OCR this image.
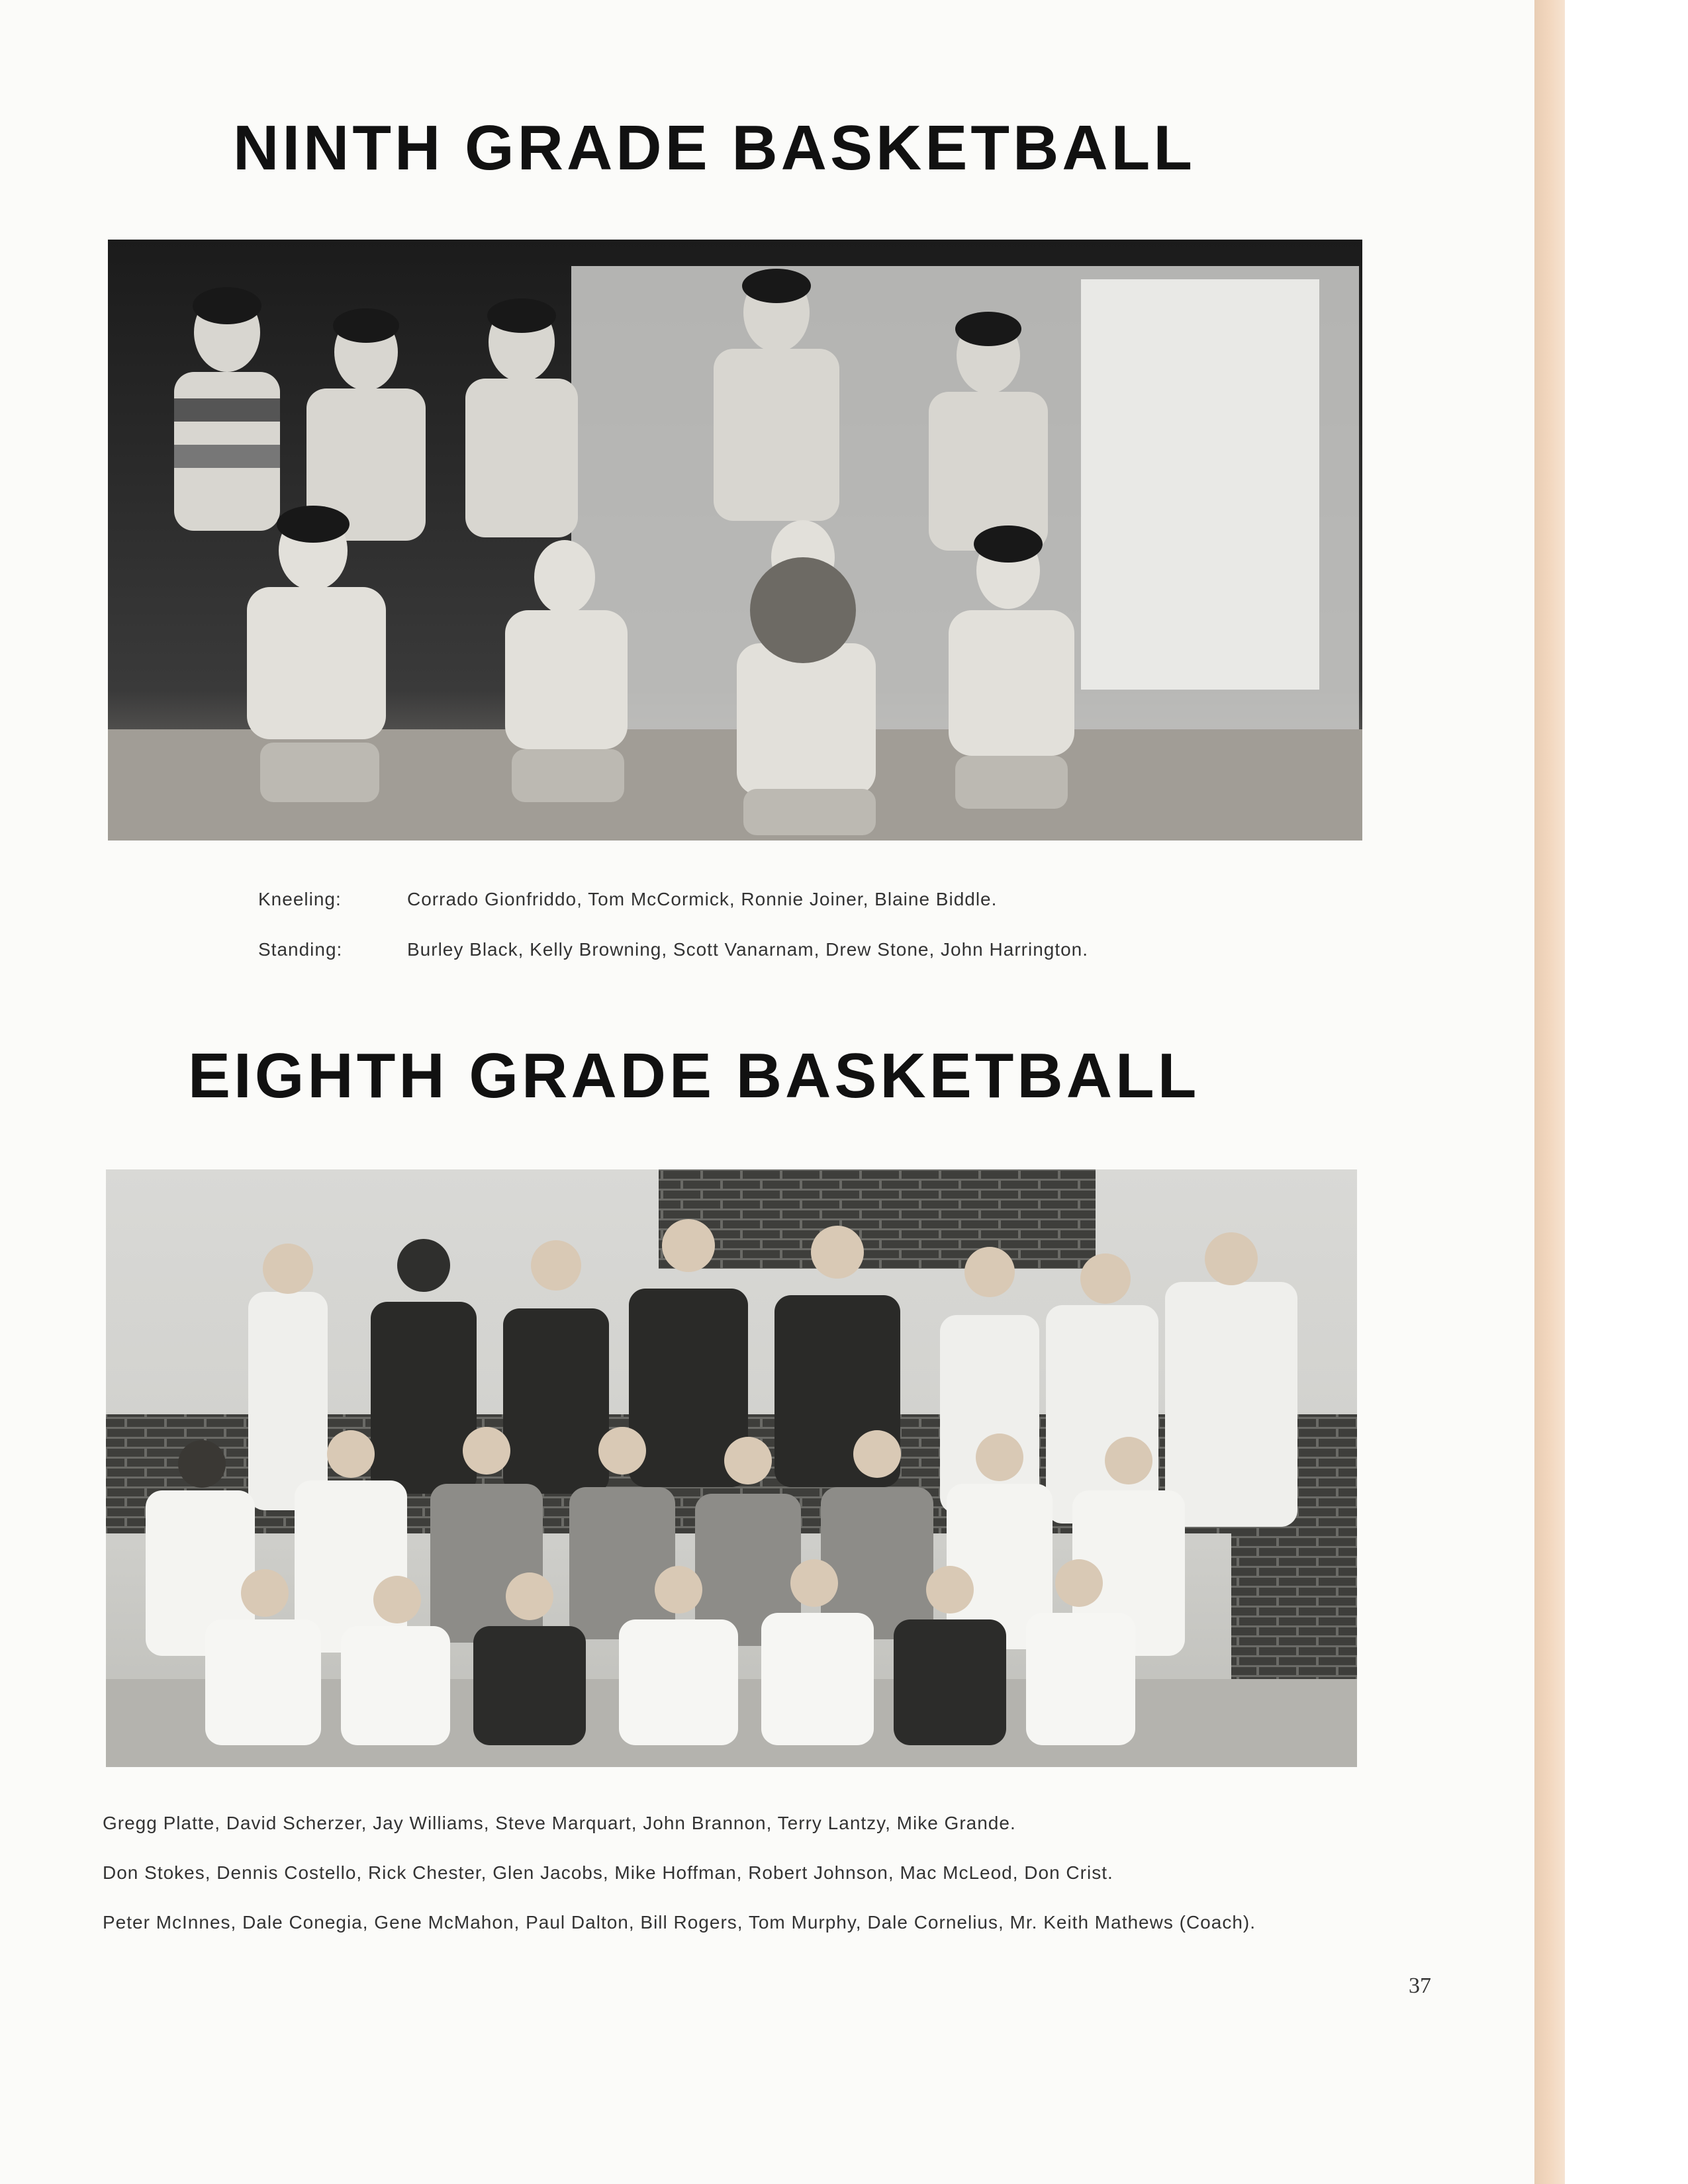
NINTH GRADE BASKETBALL
Kneeling:	Corrado Gionfriddo, Tom McCormick, Ronnie Joiner, Blaine Biddle.
Standing:	Burley Black, Kelly Browning, Scott Vanarnam, Drew Stone, John Harrington.
EIGHTH GRADE BASKETBALL
Gregg Platte, David Scherzer, Jay Williams, Steve Marquart, John Brannon, Terry Lantzy, Mike Grande.
Don Stokes, Dennis Costello, Rick Chester, Glen Jacobs, Mike Hoffman, Robert Johnson, Mac McLeod, Don Crist.
Peter McInnes, Dale Conegia, Gene McMahon, Paul Dalton, Bill Rogers, Tom Murphy, Dale Cornelius, Mr. Keith Mathews (Coach).
37
